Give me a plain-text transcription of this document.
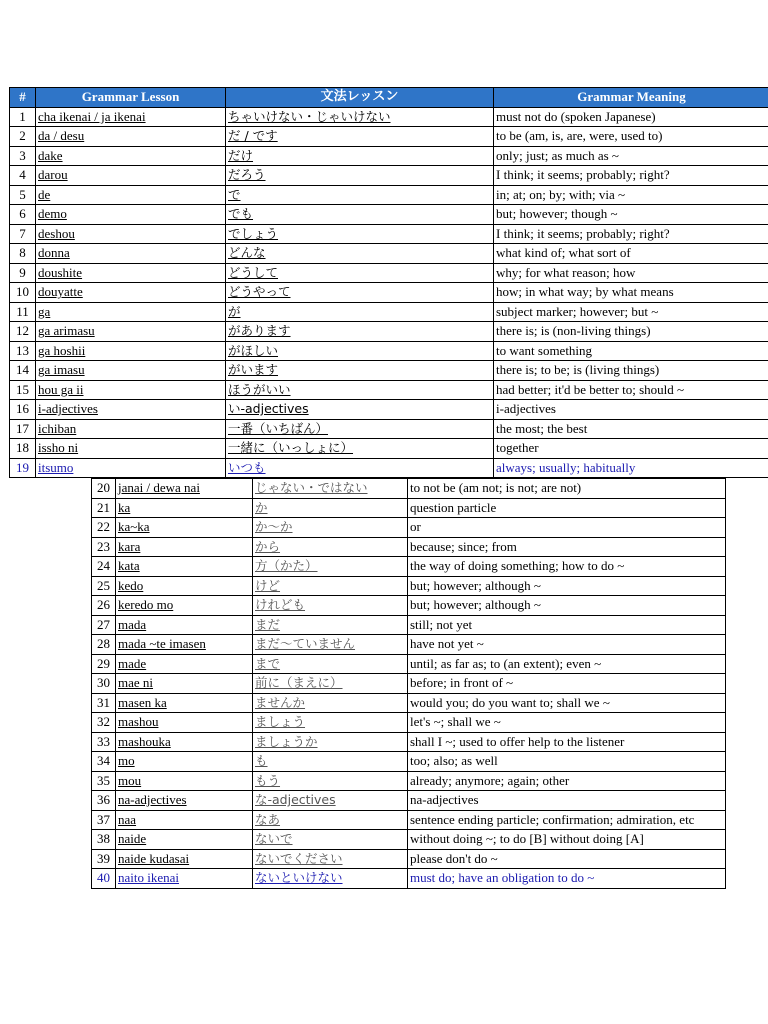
#	Grammar Lesson	文法レッスン	Grammar Meaning
1	cha ikenai / ja ikenai	ちゃいけない・じゃいけない	must not do (spoken Japanese)
2	da / desu	だ / です	to be (am, is, are, were, used to)
3	dake	だけ	only; just; as much as ~
4	darou	だろう	I think; it seems; probably; right?
5	de	で	in; at; on; by; with; via ~
6	demo	でも	but; however; though ~
7	deshou	でしょう	I think; it seems; probably; right?
8	donna	どんな	what kind of; what sort of
9	doushite	どうして	why; for what reason; how
10	douyatte	どうやって	how; in what way; by what means
11	ga	が	subject marker; however; but ~
12	ga arimasu	があります	there is; is (non-living things)
13	ga hoshii	がほしい	to want something
14	ga imasu	がいます	there is; to be; is (living things)
15	hou ga ii	ほうがいい	had better; it'd be better to; should ~
16	i-adjectives	い-adjectives	i-adjectives
17	ichiban	一番（いちばん）	the most; the best
18	issho ni	一緒に（いっしょに）	together
19	itsumo	いつも	always; usually; habitually
20	janai / dewa nai	じゃない・ではない	to not be (am not; is not; are not)
21	ka	か	question particle
22	ka~ka	か〜か	or
23	kara	から	because; since; from
24	kata	方（かた）	the way of doing something; how to do ~
25	kedo	けど	but; however; although ~
26	keredo mo	けれども	but; however; although ~
27	mada	まだ	still; not yet
28	mada ~te imasen	まだ〜ていません	have not yet ~
29	made	まで	until; as far as; to (an extent); even ~
30	mae ni	前に（まえに）	before; in front of ~
31	masen ka	ませんか	would you; do you want to; shall we ~
32	mashou	ましょう	let's ~; shall we ~
33	mashouka	ましょうか	shall I ~; used to offer help to the listener
34	mo	も	too; also; as well
35	mou	もう	already; anymore; again; other
36	na-adjectives	な-adjectives	na-adjectives
37	naa	なあ	sentence ending particle; confirmation; admiration, etc
38	naide	ないで	without doing ~; to do [B] without doing [A]
39	naide kudasai	ないでください	please don't do ~
40	naito ikenai	ないといけない	must do; have an obligation to do ~
